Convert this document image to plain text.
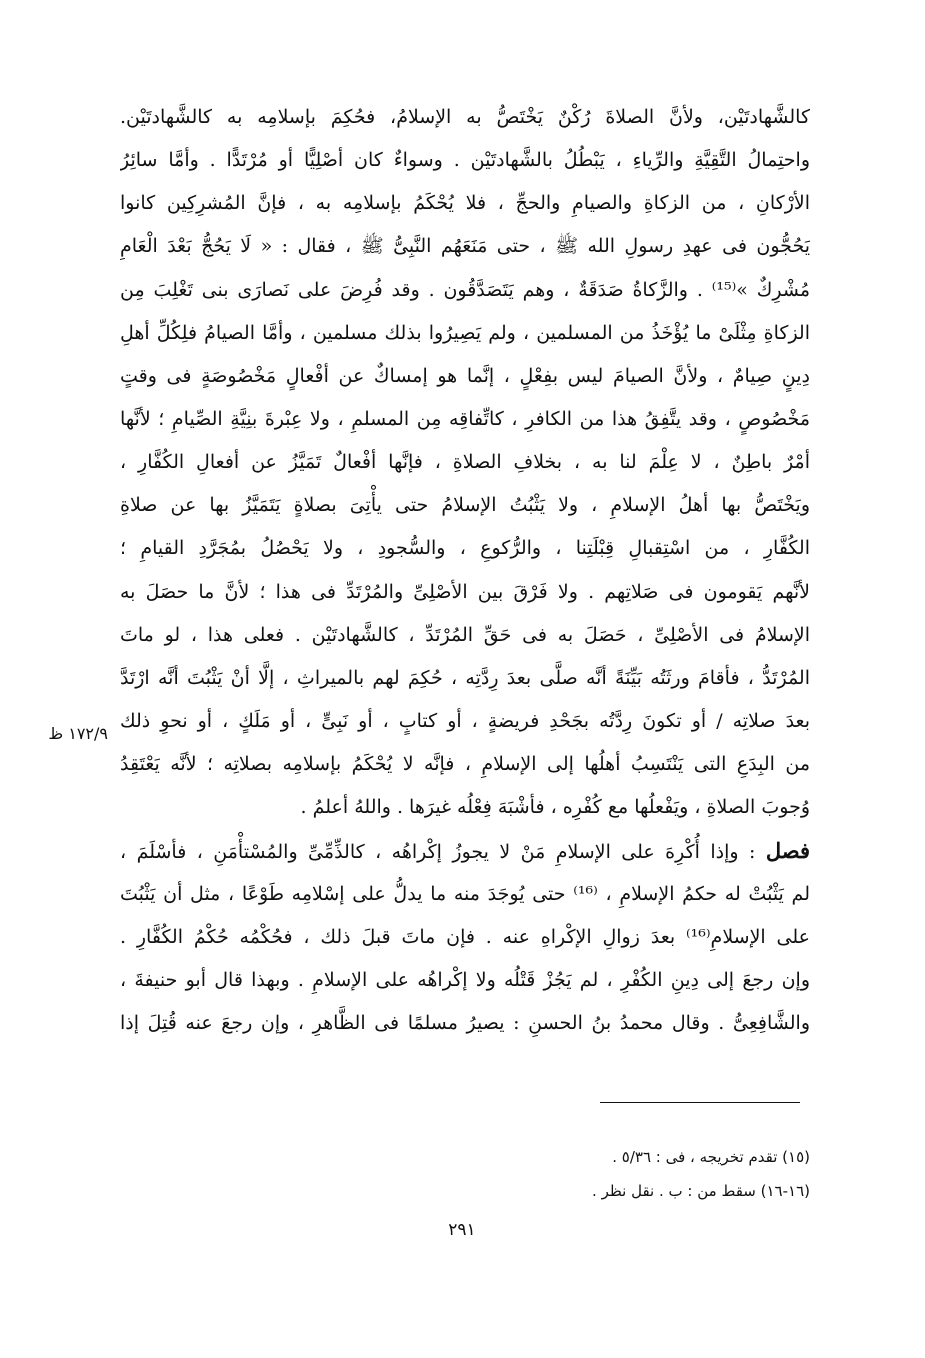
كالشَّهادتَيْن، ولأنَّ الصلاةَ رُكْنٌ يَخْتَصُّ به الإسلامُ، فحُكِمَ بإسلامِه به كالشَّهادتَيْن.
واحتِمالُ التَّقِيَّةِ والرِّياءِ ، يَبْطُلُ بالشَّهادتَيْن . وسواءٌ كان أصْلِيًّا أو مُرْتَدًّا . وأمَّا سائِرُ
الأرْكانِ ، من الزكاةِ والصيامِ والحجِّ ، فلا يُحْكَمُ بإسلامِه به ، فإنَّ المُشرِكِين كانوا
يَحُجُّون فى عهدِ رسولِ الله ﷺ ، حتى مَنَعَهُم النَّبِىُّ ﷺ ، فقال : « لَا يَحُجُّ بَعْدَ الْعَامِ
مُشْرِكٌ »⁽¹⁵⁾ . والزَّكاةُ صَدَقَةٌ ، وهم يَتَصَدَّقُون . وقد فُرِضَ على نَصارَى بنى تَغْلِبَ مِن
الزكاةِ مِثْلَىْ ما يُؤْخَذُ من المسلمين ، ولم يَصِيرُوا بذلك مسلمين ، وأمَّا الصيامُ فلِكُلِّ أهلِ
دِينٍ صِيامٌ ، ولأنَّ الصيامَ ليس بفِعْلٍ ، إنَّما هو إمساكٌ عن أفْعالٍ مَخْصُوصَةٍ فى وقتٍ
مَخْصُوصٍ ، وقد يتَّفِقُ هذا من الكافرِ ، كاتِّفاقِه مِن المسلمِ ، ولا عِبْرةَ بنِيَّةِ الصِّيامِ ؛ لأنَّها
أمْرٌ باطِنٌ ، لا عِلْمَ لنا به ، بخلافِ الصلاةِ ، فإنَّها أفْعالٌ تَمَيَّزُ عن أفعالِ الكُفَّارِ ،
ويَخْتَصُّ بها أهلُ الإسلامِ ، ولا يَثْبُتُ الإسلامُ حتى يأْتِىَ بصلاةٍ يَتَمَيَّزُ بها عن صلاةِ
الكُفَّارِ ، من اسْتِقبالِ قِبْلَتِنا ، والرُّكوعِ ، والسُّجودِ ، ولا يَحْصُلُ بمُجَرَّدِ القيامِ ؛
لأنَّهم يَقومون فى صَلاتِهم . ولا فَرْقَ بين الأصْلِىِّ والمُرْتَدِّ فى هذا ؛ لأنَّ ما حصَلَ به
الإسلامُ فى الأصْلِىِّ ، حَصَلَ به فى حَقِّ المُرْتَدِّ ، كالشَّهادتَيْن . فعلى هذا ، لو ماتَ
المُرْتَدُّ ، فأقامَ ورثَتُه بَيِّنَةً أنَّه صلَّى بعدَ رِدَّتِه ، حُكِمَ لهم بالميراثِ ، إلَّا أنْ يَثْبُتَ أنَّه ارْتَدَّ
بعدَ صلاتِه / أو تكونَ رِدَّتُه بجَحْدِ فريضةٍ ، أو كتابٍ ، أو نَبِىٍّ ، أو مَلَكٍ ، أو نحوِ ذلك
من البِدَعِ التى يَنْتَسِبُ أهلُها إلى الإسلامِ ، فإنَّه لا يُحْكَمُ بإسلامِه بصلاتِه ؛ لأنَّه يَعْتَقِدُ
وُجوبَ الصلاةِ ، ويَفْعلُها مع كُفْرِه ، فأشْبَهَ فِعْلُه غيرَها . واللهُ أعلمُ .
فصل : وإذا أُكْرِهَ على الإسلامِ مَنْ لا يجوزُ إكْراهُه ، كالذِّمِّىِّ والمُسْتأْمَنِ ، فأسْلَمَ ،
لم يَثْبُتْ له حكمُ الإسلامِ ، ⁽¹⁶⁾ حتى يُوجَدَ منه ما يدلُّ على إسْلامِه طَوْعًا ، مثل أن يَثْبُتَ
على الإسلامِ⁽¹⁶⁾ بعدَ زوالِ الإكْراهِ عنه . فإن ماتَ قبلَ ذلك ، فحُكْمُه حُكْمُ الكُفَّارِ .
وإن رجعَ إلى دِينِ الكُفْرِ ، لم يَجُزْ قَتْلُه ولا إكْراهُه على الإسلامِ . وبهذا قال أبو حنيفةَ ،
والشَّافِعِىُّ . وقال محمدُ بنُ الحسنِ : يصيرُ مسلمًا فى الظَّاهرِ ، وإن رجعَ عنه قُتِلَ إذا
١٧٢/٩ ظ
(١٥) تقدم تخريجه ، فى : ٥/٣٦ .
(١٦-١٦) سقط من : ب . نقل نظر .
٢٩١
